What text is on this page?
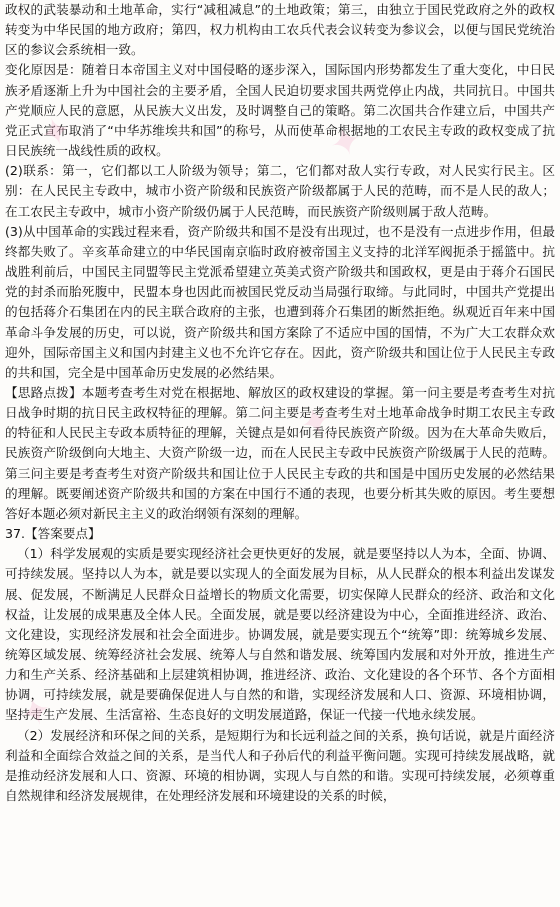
✦	✦
✦
✦

政权的武装暴动和土地革命，实行“减租减息”的土地政策；第三，由独立于国民党政府之外的政权转变为中华民国的地方政府；第四，权力机构由工农兵代表会议转变为参议会，以便与国民党统治区的参议会系统相一致。

变化原因是：随着日本帝国主义对中国侵略的逐步深入，国际国内形势都发生了重大变化，中日民族矛盾逐渐上升为中国社会的主要矛盾，全国人民迫切要求国共两党停止内战，共同抗日。中国共产党顺应人民的意愿，从民族大义出发，及时调整自己的策略。第二次国共合作建立后，中国共产党正式宣布取消了“中华苏维埃共和国”的称号，从而使革命根据地的工农民主专政的政权变成了抗日民族统一战线性质的政权。

(2)联系：第一，它们都以工人阶级为领导；第二，它们都对敌人实行专政，对人民实行民主。区别：在人民民主专政中，城市小资产阶级和民族资产阶级都属于人民的范畴，而不是人民的敌人；在工农民主专政中，城市小资产阶级仍属于人民范畴，而民族资产阶级则属于敌人范畴。

(3)从中国革命的实践过程来看，资产阶级共和国不是没有出现过，也不是没有一点进步作用，但最终都失败了。辛亥革命建立的中华民国南京临时政府被帝国主义支持的北洋军阀扼杀于摇篮中。抗战胜利前后，中国民主同盟等民主党派希望建立英美式资产阶级共和国政权，更是由于蒋介石国民党的封杀而胎死腹中，民盟本身也因此而被国民党反动当局强行取缔。与此同时，中国共产党提出的包括蒋介石集团在内的民主联合政府的主张，也遭到蒋介石集团的断然拒绝。纵观近百年来中国革命斗争发展的历史，可以说，资产阶级共和国方案除了不适应中国的国情，不为广大工农群众欢迎外，国际帝国主义和国内封建主义也不允许它存在。因此，资产阶级共和国让位于人民民主专政的共和国，完全是中国革命历史发展的必然结果。

【思路点拨】本题考查考生对党在根据地、解放区的政权建设的掌握。第一问主要是考查考生对抗日战争时期的抗日民主政权特征的理解。第二问主要是考查考生对土地革命战争时期工农民主专政的特征和人民民主专政本质特征的理解，关键点是如何看待民族资产阶级。因为在大革命失败后，民族资产阶级倒向大地主、大资产阶级一边，而在人民民主专政中民族资产阶级属于人民的范畴。第三问主要是考查考生对资产阶级共和国让位于人民民主专政的共和国是中国历史发展的必然结果的理解。既要阐述资产阶级共和国的方案在中国行不通的表现，也要分析其失败的原因。考生要想答好本题必须对新民主主义的政治纲领有深刻的理解。

37.【答案要点】

（1）科学发展观的实质是要实现经济社会更快更好的发展，就是要坚持以人为本，全面、协调、可持续发展。坚持以人为本，就是要以实现人的全面发展为目标，从人民群众的根本利益出发谋发展、促发展，不断满足人民群众日益增长的物质文化需要，切实保障人民群众的经济、政治和文化权益，让发展的成果惠及全体人民。全面发展，就是要以经济建设为中心，全面推进经济、政治、文化建设，实现经济发展和社会全面进步。协调发展，就是要实现五个“统筹”即：统筹城乡发展、统筹区域发展、统筹经济社会发展、统筹人与自然和谐发展、统筹国内发展和对外开放，推进生产力和生产关系、经济基础和上层建筑相协调，推进经济、政治、文化建设的各个环节、各个方面相协调，可持续发展，就是要确保促进人与自然的和谐，实现经济发展和人口、资源、环境相协调，坚持走生产发展、生活富裕、生态良好的文明发展道路，保证一代接一代地永续发展。

（2）发展经济和环保之间的关系，是短期行为和长远利益之间的关系，换句话说，就是片面经济利益和全面综合效益之间的关系，是当代人和子孙后代的利益平衡问题。实现可持续发展战略，就是推动经济发展和人口、资源、环境的相协调，实现人与自然的和谐。实现可持续发展，必须尊重自然规律和经济发展规律，在处理经济发展和环境建设的关系的时候，
